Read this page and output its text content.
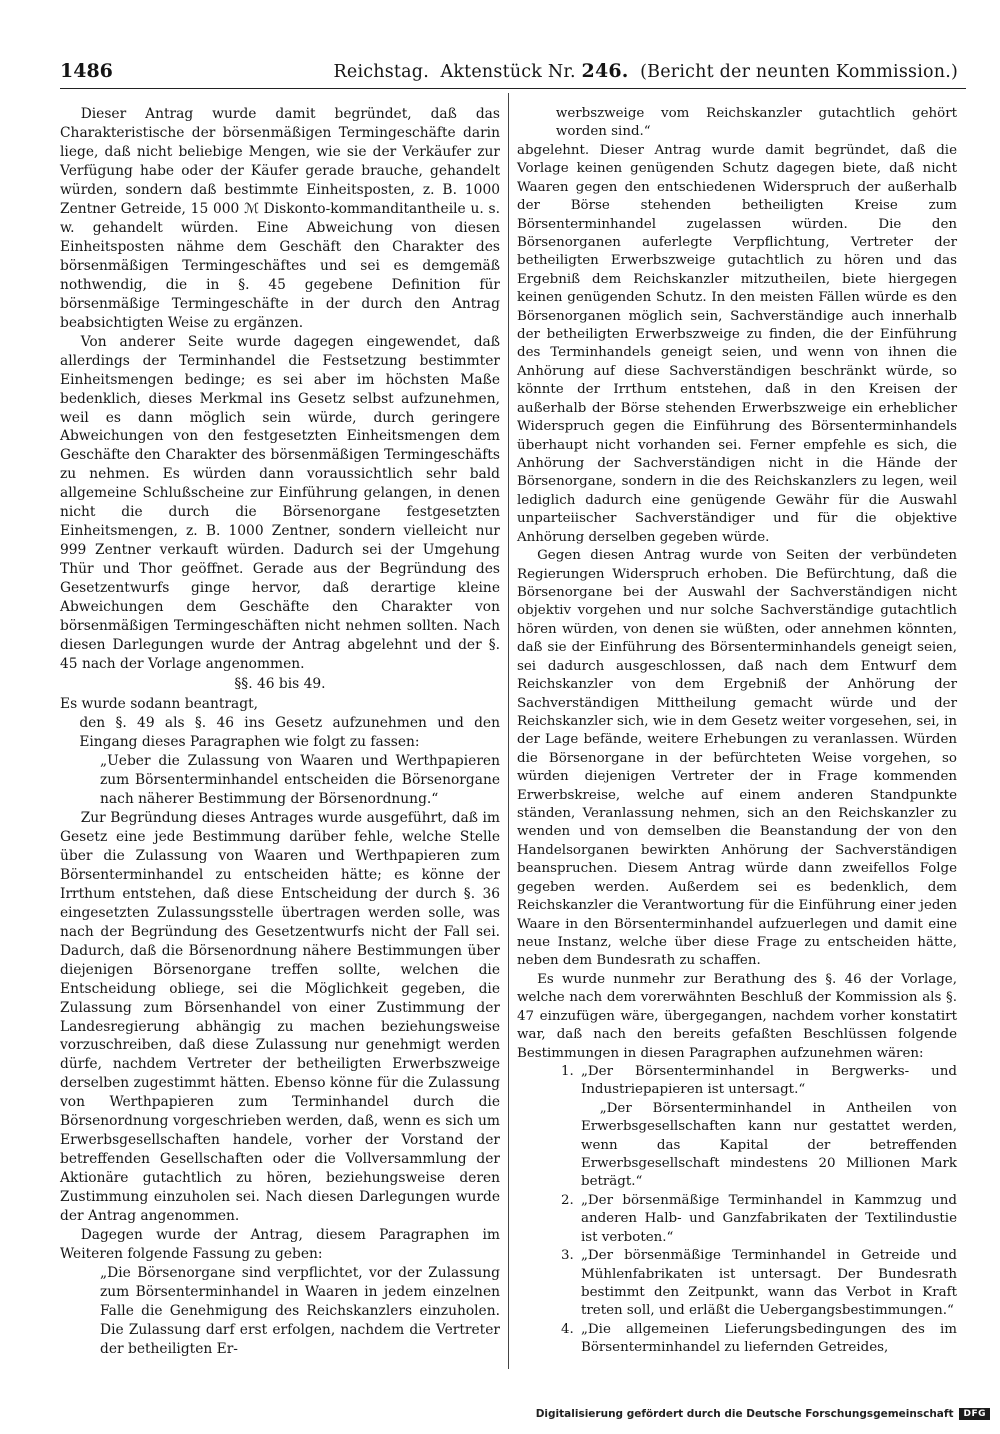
1486	Reichstag. Aktenstück Nr. 246. (Bericht der neunten Kommission.)

Dieser Antrag wurde damit begründet, daß das Charakteristische der börsenmäßigen Termingeschäfte darin liege, daß nicht beliebige Mengen, wie sie der Verkäufer zur Verfügung habe oder der Käufer gerade brauche, gehandelt würden, sondern daß bestimmte Einheitsposten, z. B. 1000 Zentner Getreide, 15 000 ℳ Diskonto-kommanditantheile u. s. w. gehandelt würden. Eine Abweichung von diesen Einheitsposten nähme dem Geschäft den Charakter des börsenmäßigen Termingeschäftes und sei es demgemäß nothwendig, die in §. 45 gegebene Definition für börsenmäßige Termingeschäfte in der durch den Antrag beabsichtigten Weise zu ergänzen.

Von anderer Seite wurde dagegen eingewendet, daß allerdings der Terminhandel die Festsetzung bestimmter Einheitsmengen bedinge; es sei aber im höchsten Maße bedenklich, dieses Merkmal ins Gesetz selbst aufzunehmen, weil es dann möglich sein würde, durch geringere Abweichungen von den festgesetzten Einheitsmengen dem Geschäfte den Charakter des börsenmäßigen Termingeschäfts zu nehmen. Es würden dann voraussichtlich sehr bald allgemeine Schlußscheine zur Einführung gelangen, in denen nicht die durch die Börsenorgane festgesetzten Einheitsmengen, z. B. 1000 Zentner, sondern vielleicht nur 999 Zentner verkauft würden. Dadurch sei der Umgehung Thür und Thor geöffnet. Gerade aus der Begründung des Gesetzentwurfs ginge hervor, daß derartige kleine Abweichungen dem Geschäfte den Charakter von börsenmäßigen Termingeschäften nicht nehmen sollten. Nach diesen Darlegungen wurde der Antrag abgelehnt und der §. 45 nach der Vorlage angenommen.

§§. 46 bis 49.

Es wurde sodann beantragt,

den §. 49 als §. 46 ins Gesetz aufzunehmen und den Eingang dieses Paragraphen wie folgt zu fassen:

„Ueber die Zulassung von Waaren und Werthpapieren zum Börsenterminhandel entscheiden die Börsenorgane nach näherer Bestimmung der Börsenordnung.“

Zur Begründung dieses Antrages wurde ausgeführt, daß im Gesetz eine jede Bestimmung darüber fehle, welche Stelle über die Zulassung von Waaren und Werthpapieren zum Börsenterminhandel zu entscheiden hätte; es könne der Irrthum entstehen, daß diese Entscheidung der durch §. 36 eingesetzten Zulassungsstelle übertragen werden solle, was nach der Begründung des Gesetzentwurfs nicht der Fall sei. Dadurch, daß die Börsenordnung nähere Bestimmungen über diejenigen Börsenorgane treffen sollte, welchen die Entscheidung obliege, sei die Möglichkeit gegeben, die Zulassung zum Börsenhandel von einer Zustimmung der Landesregierung abhängig zu machen beziehungsweise vorzuschreiben, daß diese Zulassung nur genehmigt werden dürfe, nachdem Vertreter der betheiligten Erwerbszweige derselben zugestimmt hätten. Ebenso könne für die Zulassung von Werthpapieren zum Terminhandel durch die Börsenordnung vorgeschrieben werden, daß, wenn es sich um Erwerbsgesellschaften handele, vorher der Vorstand der betreffenden Gesellschaften oder die Vollversammlung der Aktionäre gutachtlich zu hören, beziehungsweise deren Zustimmung einzuholen sei. Nach diesen Darlegungen wurde der Antrag angenommen.

Dagegen wurde der Antrag, diesem Paragraphen im Weiteren folgende Fassung zu geben:

„Die Börsenorgane sind verpflichtet, vor der Zulassung zum Börsenterminhandel in Waaren in jedem einzelnen Falle die Genehmigung des Reichskanzlers einzuholen. Die Zulassung darf erst erfolgen, nachdem die Vertreter der betheiligten Er-

werbszweige vom Reichskanzler gutachtlich gehört worden sind.“

abgelehnt. Dieser Antrag wurde damit begründet, daß die Vorlage keinen genügenden Schutz dagegen biete, daß nicht Waaren gegen den entschiedenen Widerspruch der außerhalb der Börse stehenden betheiligten Kreise zum Börsenterminhandel zugelassen würden. Die den Börsenorganen auferlegte Verpflichtung, Vertreter der betheiligten Erwerbszweige gutachtlich zu hören und das Ergebniß dem Reichskanzler mitzutheilen, biete hiergegen keinen genügenden Schutz. In den meisten Fällen würde es den Börsenorganen möglich sein, Sachverständige auch innerhalb der betheiligten Erwerbszweige zu finden, die der Einführung des Terminhandels geneigt seien, und wenn von ihnen die Anhörung auf diese Sachverständigen beschränkt würde, so könnte der Irrthum entstehen, daß in den Kreisen der außerhalb der Börse stehenden Erwerbszweige ein erheblicher Widerspruch gegen die Einführung des Börsenterminhandels überhaupt nicht vorhanden sei. Ferner empfehle es sich, die Anhörung der Sachverständigen nicht in die Hände der Börsenorgane, sondern in die des Reichskanzlers zu legen, weil lediglich dadurch eine genügende Gewähr für die Auswahl unparteiischer Sachverständiger und für die objektive Anhörung derselben gegeben würde.

Gegen diesen Antrag wurde von Seiten der verbündeten Regierungen Widerspruch erhoben. Die Befürchtung, daß die Börsenorgane bei der Auswahl der Sachverständigen nicht objektiv vorgehen und nur solche Sachverständige gutachtlich hören würden, von denen sie wüßten, oder annehmen könnten, daß sie der Einführung des Börsenterminhandels geneigt seien, sei dadurch ausgeschlossen, daß nach dem Entwurf dem Reichskanzler von dem Ergebniß der Anhörung der Sachverständigen Mittheilung gemacht würde und der Reichskanzler sich, wie in dem Gesetz weiter vorgesehen, sei, in der Lage befände, weitere Erhebungen zu veranlassen. Würden die Börsenorgane in der befürchteten Weise vorgehen, so würden diejenigen Vertreter der in Frage kommenden Erwerbskreise, welche auf einem anderen Standpunkte ständen, Veranlassung nehmen, sich an den Reichskanzler zu wenden und von demselben die Beanstandung der von den Handelsorganen bewirkten Anhörung der Sachverständigen beanspruchen. Diesem Antrag würde dann zweifellos Folge gegeben werden. Außerdem sei es bedenklich, dem Reichskanzler die Verantwortung für die Einführung einer jeden Waare in den Börsenterminhandel aufzuerlegen und damit eine neue Instanz, welche über diese Frage zu entscheiden hätte, neben dem Bundesrath zu schaffen.

Es wurde nunmehr zur Berathung des §. 46 der Vorlage, welche nach dem vorerwähnten Beschluß der Kommission als §. 47 einzufügen wäre, übergegangen, nachdem vorher konstatirt war, daß nach den bereits gefaßten Beschlüssen folgende Bestimmungen in diesen Paragraphen aufzunehmen wären:

1. „Der Börsenterminhandel in Bergwerks- und Industriepapieren ist untersagt.“

„Der Börsenterminhandel in Antheilen von Erwerbsgesellschaften kann nur gestattet werden, wenn das Kapital der betreffenden Erwerbsgesellschaft mindestens 20 Millionen Mark beträgt.“

2. „Der börsenmäßige Terminhandel in Kammzug und anderen Halb- und Ganzfabrikaten der Textilindustie ist verboten.“

3. „Der börsenmäßige Terminhandel in Getreide und Mühlenfabrikaten ist untersagt. Der Bundesrath bestimmt den Zeitpunkt, wann das Verbot in Kraft treten soll, und erläßt die Uebergangsbestimmungen.“

4. „Die allgemeinen Lieferungsbedingungen des im Börsenterminhandel zu liefernden Getreides,

Digitalisierung gefördert durch die Deutsche Forschungsgemeinschaft	DFG
